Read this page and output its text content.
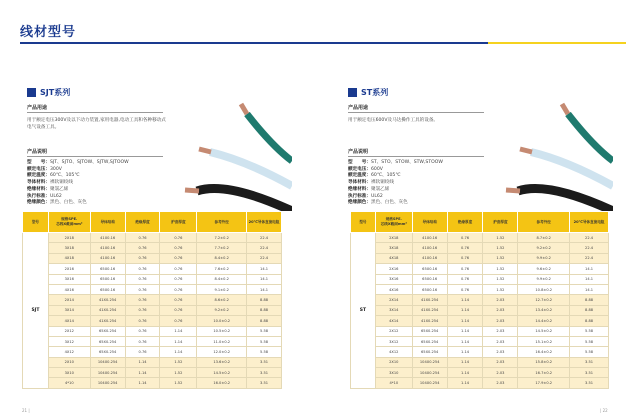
线材型号
SJT系列
产品用途
用于额定电压300V及以下动力装置,家用电器,电动工具和各种移动式电气设备工具。
产品说明
型　　号：SJT、SJTO、SJTOW、SJTW,SJTOOW
额定电压：300V
额定温度：60℃、105℃
导体材料：裸软铜绞线
绝缘材料：聚氯乙烯
执行标准：UL62
绝缘颜色：黑色、白色、灰色
型号	规格SPE.
芯线X截面mm²	导体结构	绝缘厚度	护套厚度	参考外径	20℃导体直流电阻
SJT	2X18	41X0.16	0.76	0.76	7.2±0.2	22.4
	3X18	41X0.16	0.76	0.76	7.7±0.2	22.4
	4X18	41X0.16	0.76	0.76	8.4±0.2	22.4
	2X16	65X0.16	0.76	0.76	7.6±0.2	14.1
	3X16	65X0.16	0.76	0.76	8.4±0.2	14.1
	4X16	65X0.16	0.76	0.76	9.1±0.2	14.1
	2X14	41X0.254	0.76	0.76	8.6±0.2	8.88
	3X14	41X0.254	0.76	0.76	9.2±0.2	8.88
	4X14	41X0.254	0.76	0.76	10.0±0.2	8.88
	2X12	65X0.254	0.76	1.14	10.5±0.2	5.58
	3X12	65X0.254	0.76	1.14	11.0±0.2	5.58
	4X12	65X0.254	0.76	1.14	12.0±0.2	5.58
	2X10	104X0.254	1.14	1.52	13.6±0.2	3.51
	3X10	104X0.254	1.14	1.52	14.5±0.2	3.51
	4*10	104X0.254	1.14	1.52	16.0±0.2	3.51
ST系列
产品用途
用于额定电压600V及马达操作工具的设备。
产品说明
型　　号：ST、STO、STOW、STW,STOOW
额定电压：600V
额定温度：60℃、105℃
导体材料：裸软铜绞线
绝缘材料：聚氯乙烯
执行标准：UL62
绝缘颜色：黑色、白色、灰色
型号	规格SPE.
芯线X截面mm²	导体结构	绝缘厚度	护套厚度	参考外径	20℃导体直流电阻
ST	2X18	41X0.16	0.76	1.52	8.7±0.2	22.4
	3X18	41X0.16	0.76	1.52	9.2±0.2	22.4
	4X18	41X0.16	0.76	1.52	9.9±0.2	22.4
	2X16	65X0.16	0.76	1.52	9.6±0.2	14.1
	3X16	65X0.16	0.76	1.52	9.9±0.2	14.1
	4X16	65X0.16	0.76	1.52	10.8±0.2	14.1
	2X14	41X0.254	1.14	2.03	12.7±0.2	8.88
	3X14	41X0.254	1.14	2.03	13.4±0.2	8.88
	4X14	41X0.254	1.14	2.03	14.4±0.2	8.88
	2X12	65X0.254	1.14	2.03	14.5±0.2	5.58
	3X12	65X0.254	1.14	2.03	15.1±0.2	5.58
	4X12	65X0.254	1.14	2.03	16.4±0.2	5.58
	2X10	104X0.254	1.14	2.03	15.8±0.2	3.51
	3X10	104X0.254	1.14	2.03	16.7±0.2	3.51
	4*10	104X0.254	1.14	2.03	17.9±0.2	3.51
21 |	| 22
